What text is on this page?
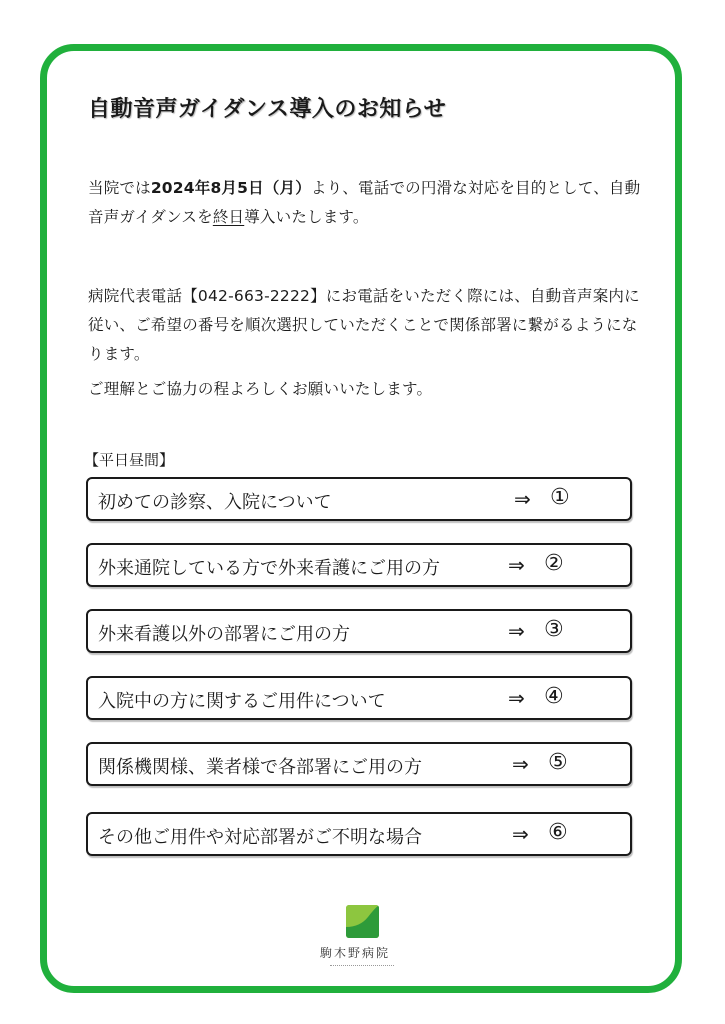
自動音声ガイダンス導入のお知らせ
当院では2024年8月5日（月）より、電話での円滑な対応を目的として、自動音声ガイダンスを終日導入いたします。
病院代表電話【042-663-2222】にお電話をいただく際には、自動音声案内に従い、ご希望の番号を順次選択していただくことで関係部署に繋がるようになります。
ご理解とご協力の程よろしくお願いいたします。
【平日昼間】
初めての診察、入院について	⇒ ①
外来通院している方で外来看護にご用の方	⇒ ②
外来看護以外の部署にご用の方	⇒ ③
入院中の方に関するご用件について	⇒ ④
関係機関様、業者様で各部署にご用の方	⇒ ⑤
その他ご用件や対応部署がご不明な場合	⇒ ⑥
駒木野病院
